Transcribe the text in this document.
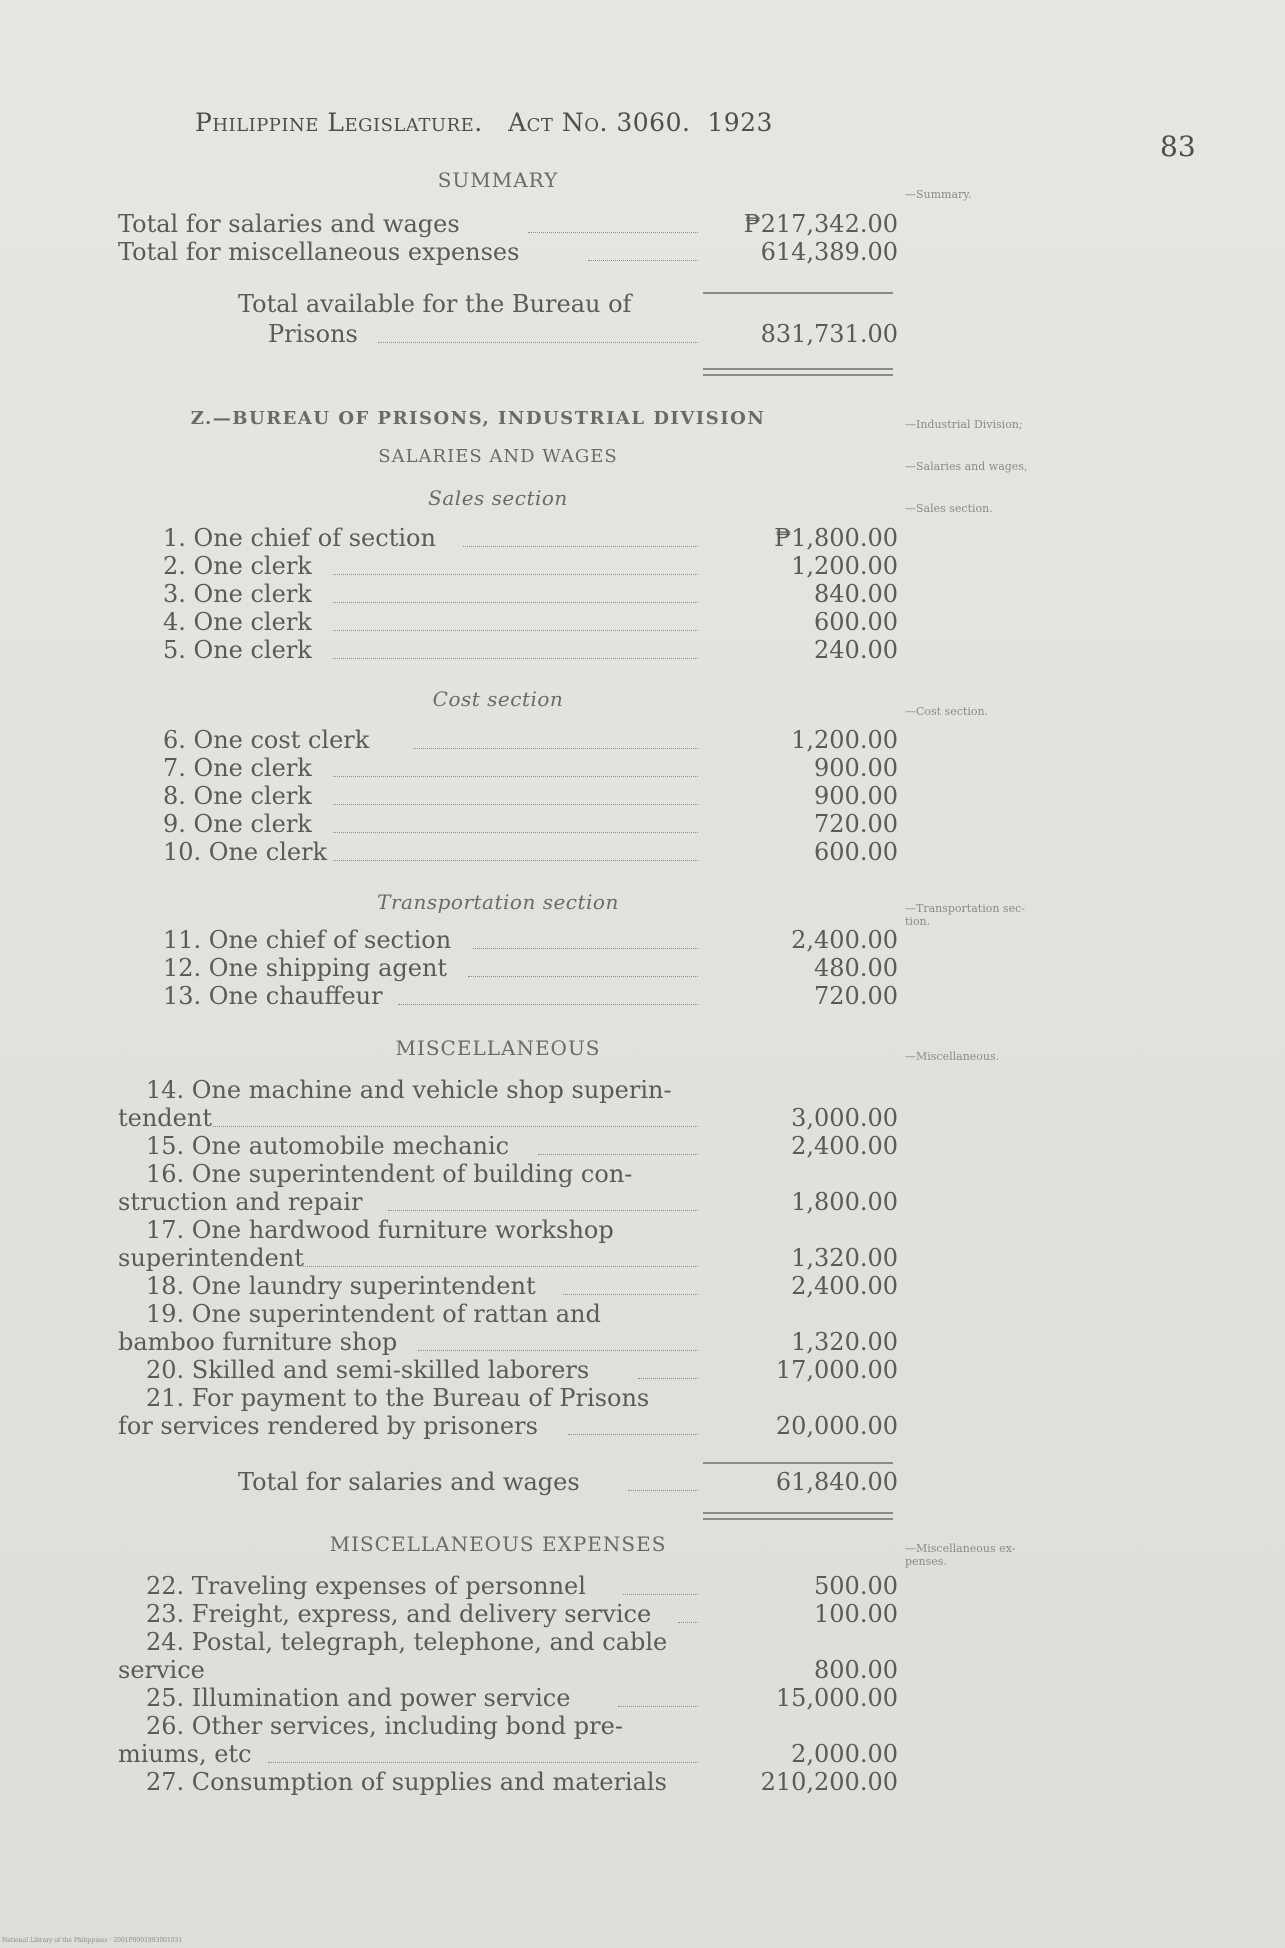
Philippine Legislature. Act No. 3060. 1923
83
SUMMARY
Total for salaries and wages	₱217,342.00
Total for miscellaneous expenses	614,389.00
Total available for the Bureau of
Prisons	831,731.00
Z.—BUREAU OF PRISONS, INDUSTRIAL DIVISION
SALARIES AND WAGES
Sales section
1. One chief of section	₱1,800.00
2. One clerk	1,200.00
3. One clerk	840.00
4. One clerk	600.00
5. One clerk	240.00
Cost section
6. One cost clerk	1,200.00
7. One clerk	900.00
8. One clerk	900.00
9. One clerk	720.00
10. One clerk	600.00
Transportation section
11. One chief of section	2,400.00
12. One shipping agent	480.00
13. One chauffeur	720.00
MISCELLANEOUS
14. One machine and vehicle shop superin-
tendent	3,000.00
15. One automobile mechanic	2,400.00
16. One superintendent of building con-
struction and repair	1,800.00
17. One hardwood furniture workshop
superintendent	1,320.00
18. One laundry superintendent	2,400.00
19. One superintendent of rattan and
bamboo furniture shop	1,320.00
20. Skilled and semi-skilled laborers	17,000.00
21. For payment to the Bureau of Prisons
for services rendered by prisoners	20,000.00
Total for salaries and wages	61,840.00
MISCELLANEOUS EXPENSES
22. Traveling expenses of personnel	500.00
23. Freight, express, and delivery service	100.00
24. Postal, telegraph, telephone, and cable
service	800.00
25. Illumination and power service	15,000.00
26. Other services, including bond pre-
miums, etc	2,000.00
27. Consumption of supplies and materials	210,200.00
—Summary.
—Industrial Division;
—Salaries and wages,
—Sales section.
—Cost section.
—Transportation sec-
tion.
—Miscellaneous.
—Miscellaneous ex-
penses.
National Library of the Philippines · 2001P0001993001031
